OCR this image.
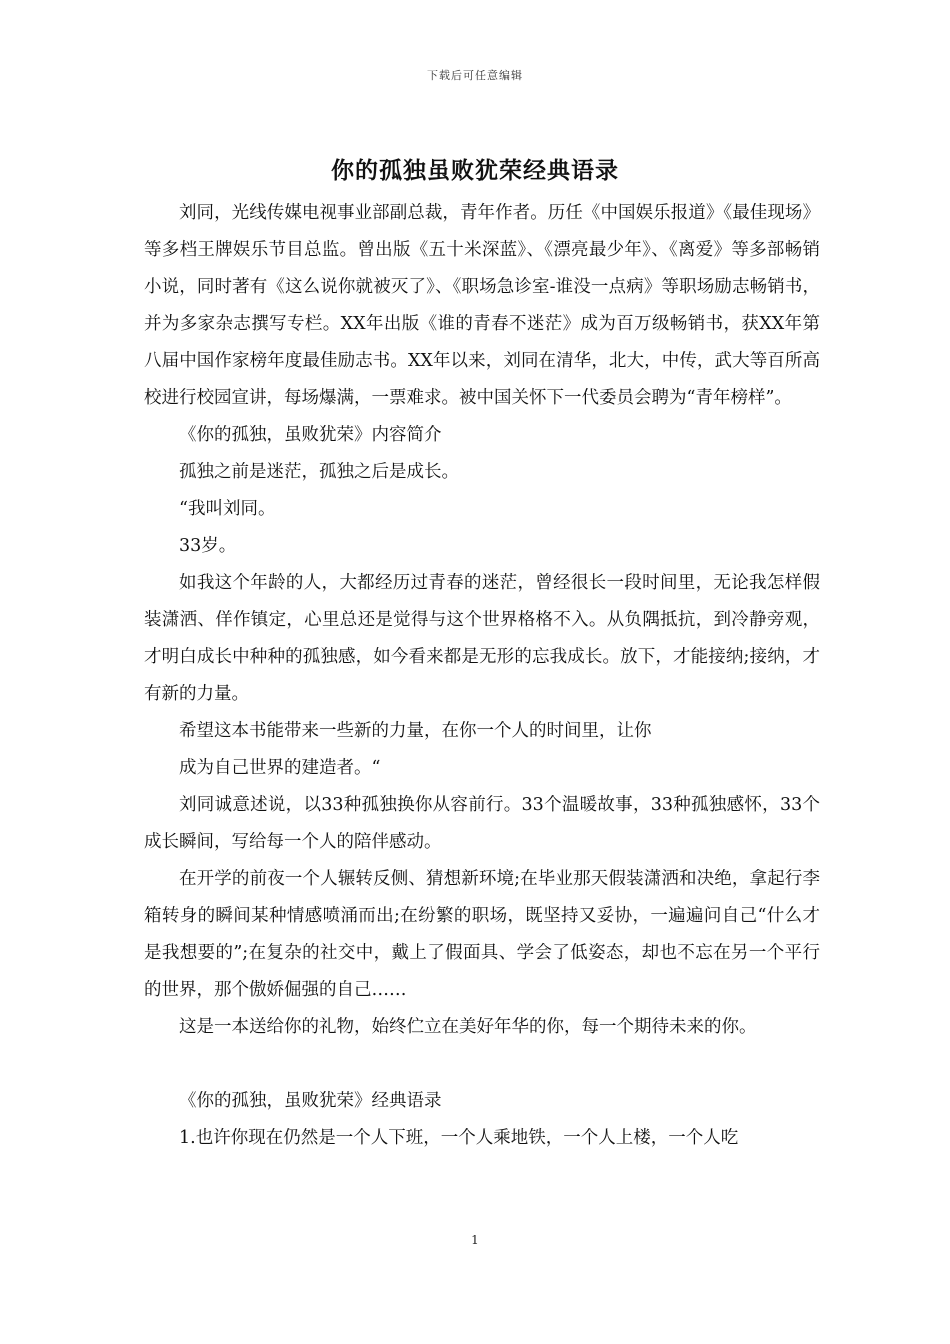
下载后可任意编辑
你的孤独虽败犹荣经典语录

刘同，光线传媒电视事业部副总裁，青年作者。历任《中国娱乐报道》《最佳现场》等多档王牌娱乐节目总监。曾出版《五十米深蓝》、《漂亮最少年》、《离爱》等多部畅销小说，同时著有《这么说你就被灭了》、《职场急诊室-谁没一点病》等职场励志畅销书，并为多家杂志撰写专栏。XX年出版《谁的青春不迷茫》成为百万级畅销书，获XX年第八届中国作家榜年度最佳励志书。XX年以来，刘同在清华，北大，中传，武大等百所高校进行校园宣讲，每场爆满，一票难求。被中国关怀下一代委员会聘为“青年榜样”。

《你的孤独，虽败犹荣》内容简介

孤独之前是迷茫，孤独之后是成长。

“我叫刘同。

33岁。

如我这个年龄的人，大都经历过青春的迷茫，曾经很长一段时间里，无论我怎样假装潇洒、佯作镇定，心里总还是觉得与这个世界格格不入。从负隅抵抗，到冷静旁观，才明白成长中种种的孤独感，如今看来都是无形的忘我成长。放下，才能接纳;接纳，才有新的力量。

希望这本书能带来一些新的力量，在你一个人的时间里，让你

成为自己世界的建造者。“

刘同诚意述说，以33种孤独换你从容前行。33个温暖故事，33种孤独感怀，33个成长瞬间，写给每一个人的陪伴感动。

在开学的前夜一个人辗转反侧、猜想新环境;在毕业那天假装潇洒和决绝，拿起行李箱转身的瞬间某种情感喷涌而出;在纷繁的职场，既坚持又妥协，一遍遍问自己“什么才是我想要的”;在复杂的社交中，戴上了假面具、学会了低姿态，却也不忘在另一个平行的世界，那个傲娇倔强的自己……

这是一本送给你的礼物，始终伫立在美好年华的你，每一个期待未来的你。

《你的孤独，虽败犹荣》经典语录

1.也许你现在仍然是一个人下班，一个人乘地铁，一个人上楼，一个人吃

1
